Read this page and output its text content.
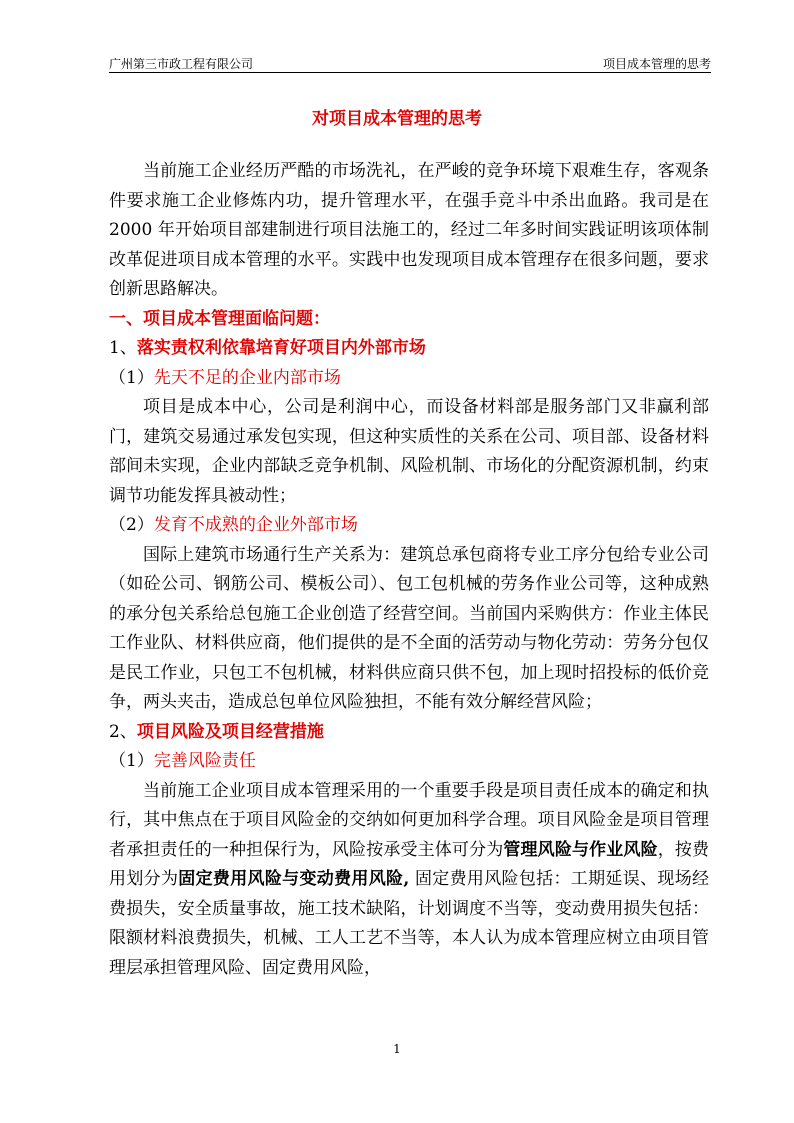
广州第三市政工程有限公司	项目成本管理的思考
对项目成本管理的思考

当前施工企业经历严酷的市场洗礼，在严峻的竞争环境下艰难生存，客观条件要求施工企业修炼内功，提升管理水平，在强手竞斗中杀出血路。我司是在2000 年开始项目部建制进行项目法施工的，经过二年多时间实践证明该项体制改革促进项目成本管理的水平。实践中也发现项目成本管理存在很多问题，要求创新思路解决。

一、项目成本管理面临问题：

1、落实责权利依靠培育好项目内外部市场

（1）先天不足的企业内部市场

项目是成本中心，公司是利润中心，而设备材料部是服务部门又非赢利部门，建筑交易通过承发包实现，但这种实质性的关系在公司、项目部、设备材料部间未实现，企业内部缺乏竞争机制、风险机制、市场化的分配资源机制，约束调节功能发挥具被动性；

（2）发育不成熟的企业外部市场

国际上建筑市场通行生产关系为：建筑总承包商将专业工序分包给专业公司（如砼公司、钢筋公司、模板公司）、包工包机械的劳务作业公司等，这种成熟的承分包关系给总包施工企业创造了经营空间。当前国内采购供方：作业主体民工作业队、材料供应商，他们提供的是不全面的活劳动与物化劳动：劳务分包仅是民工作业，只包工不包机械，材料供应商只供不包，加上现时招投标的低价竞争，两头夹击，造成总包单位风险独担，不能有效分解经营风险；

2、项目风险及项目经营措施

（1）完善风险责任

当前施工企业项目成本管理采用的一个重要手段是项目责任成本的确定和执行，其中焦点在于项目风险金的交纳如何更加科学合理。项目风险金是项目管理者承担责任的一种担保行为，风险按承受主体可分为管理风险与作业风险，按费用划分为固定费用风险与变动费用风险, 固定费用风险包括：工期延误、现场经费损失，安全质量事故，施工技术缺陷，计划调度不当等，变动费用损失包括：限额材料浪费损失，机械、工人工艺不当等，本人认为成本管理应树立由项目管理层承担管理风险、固定费用风险，

1
